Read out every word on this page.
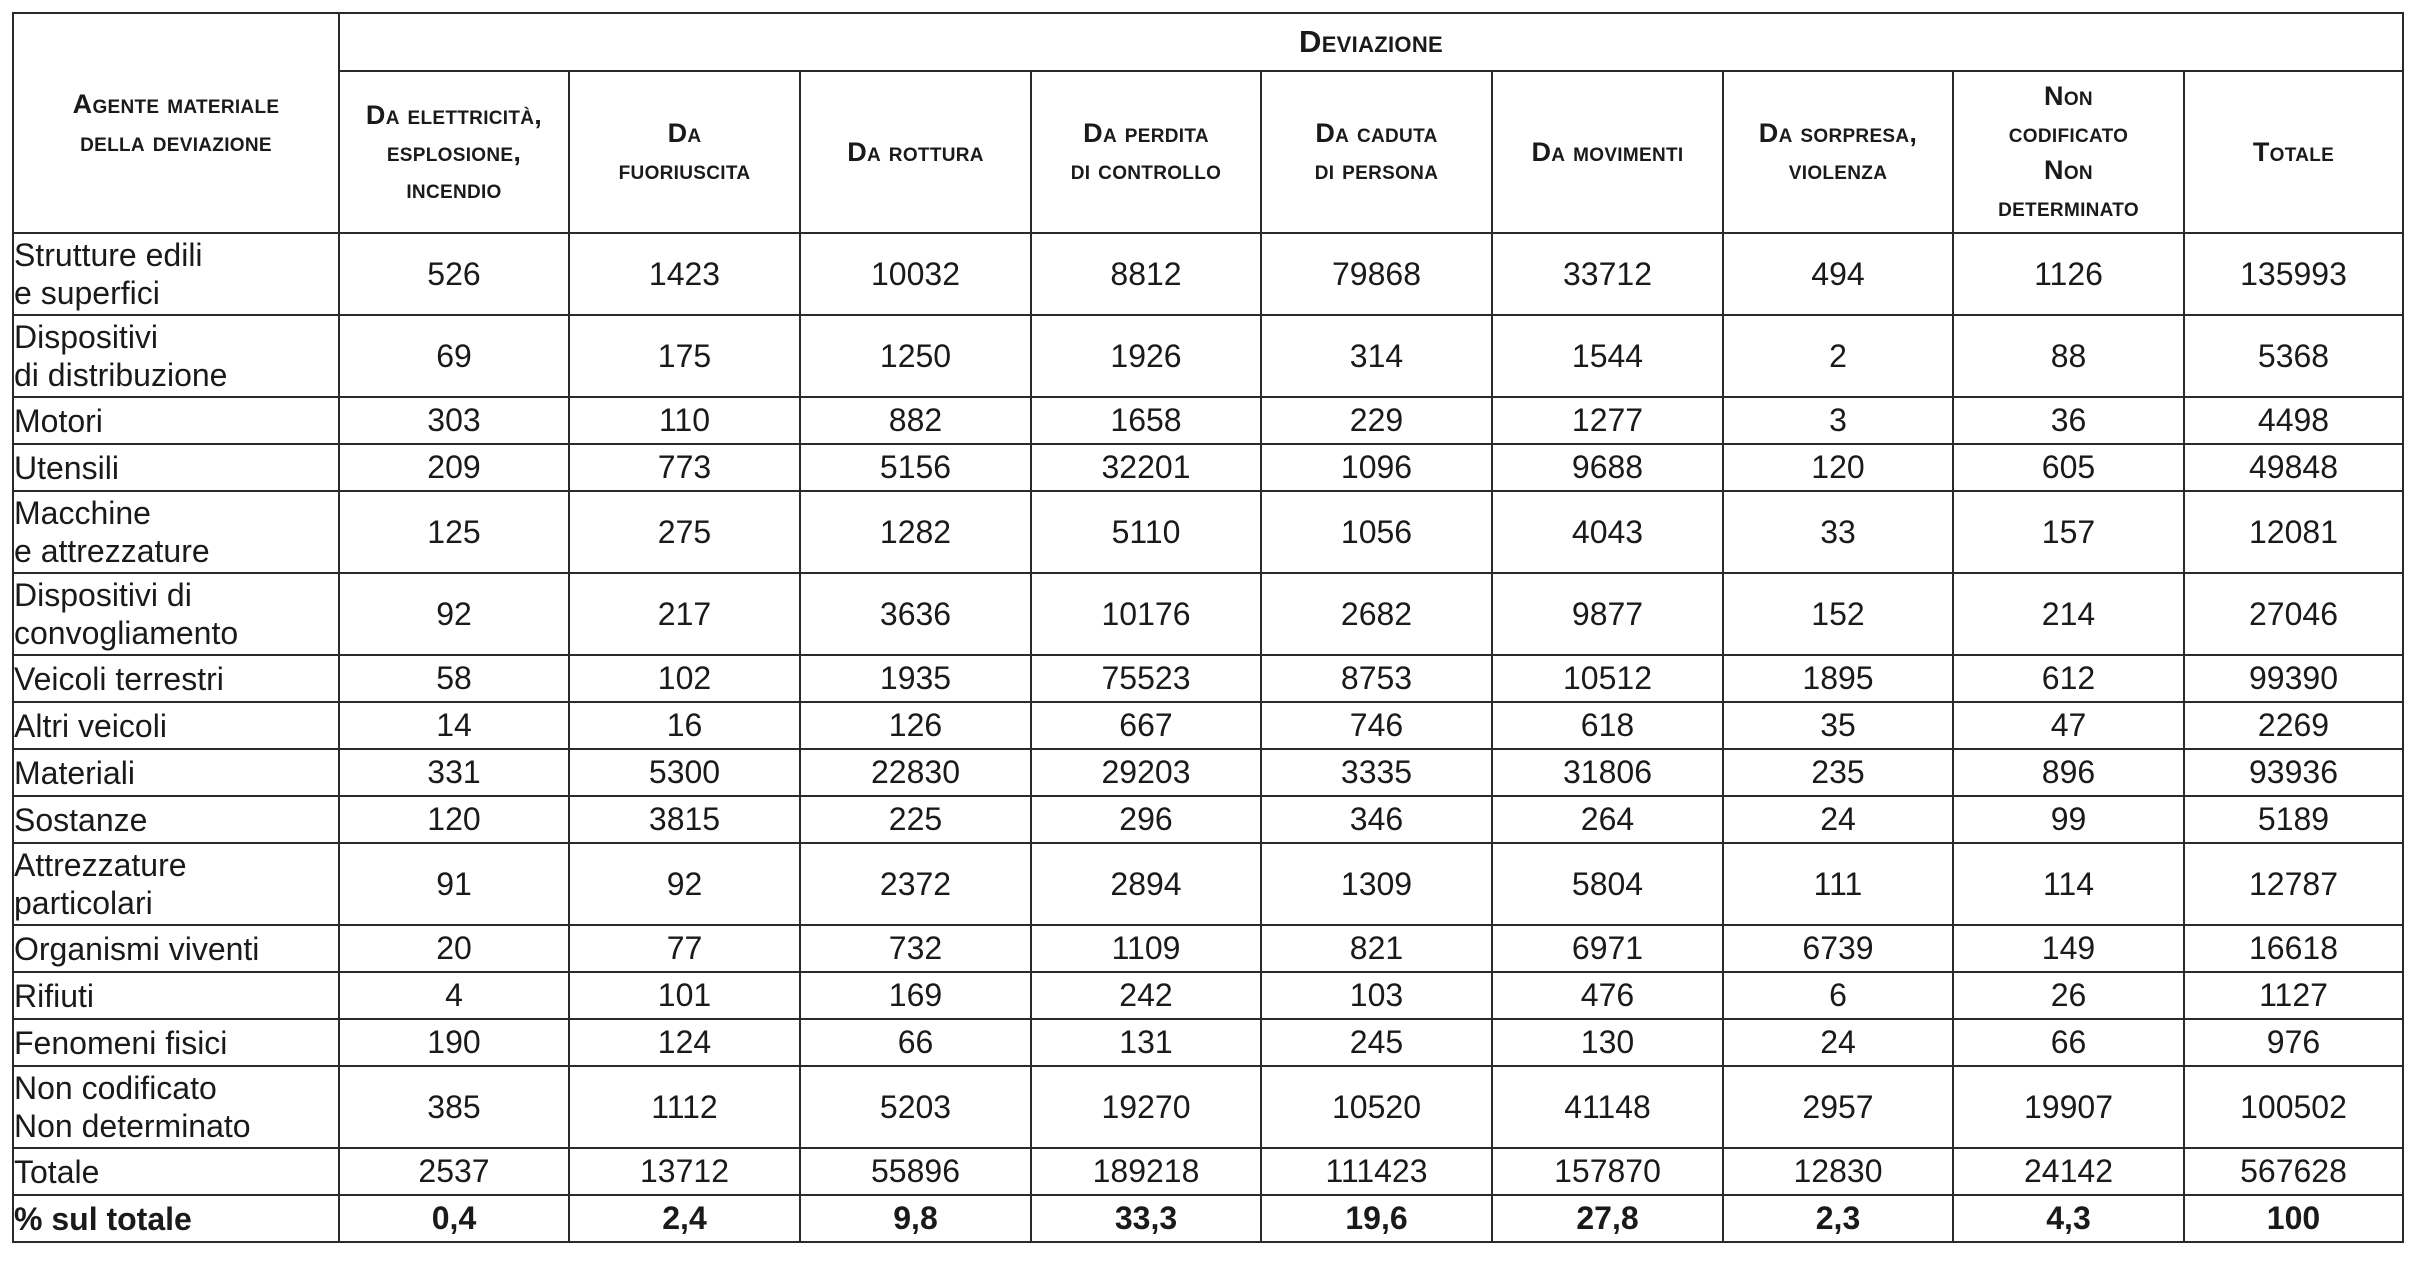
Agente materiale
della deviazione	Deviazione								

	Da elettricità,
esplosione,
incendio	Da
fuoriuscita	Da rottura	Da perdita
di controllo	Da caduta
di persona	Da movimenti	Da sorpresa,
violenza	Non
codificato
Non
determinato	Totale

Strutture edili
e superfici	526	1423	10032	8812	79868	33712	494	1126	135993

Dispositivi
di distribuzione	69	175	1250	1926	314	1544	2	88	5368

Motori	303	110	882	1658	229	1277	3	36	4498

Utensili	209	773	5156	32201	1096	9688	120	605	49848

Macchine
e attrezzature	125	275	1282	5110	1056	4043	33	157	12081

Dispositivi di
convogliamento	92	217	3636	10176	2682	9877	152	214	27046

Veicoli terrestri	58	102	1935	75523	8753	10512	1895	612	99390

Altri veicoli	14	16	126	667	746	618	35	47	2269

Materiali	331	5300	22830	29203	3335	31806	235	896	93936

Sostanze	120	3815	225	296	346	264	24	99	5189

Attrezzature
particolari	91	92	2372	2894	1309	5804	111	114	12787

Organismi viventi	20	77	732	1109	821	6971	6739	149	16618

Rifiuti	4	101	169	242	103	476	6	26	1127

Fenomeni fisici	190	124	66	131	245	130	24	66	976

Non codificato
Non determinato	385	1112	5203	19270	10520	41148	2957	19907	100502

Totale	2537	13712	55896	189218	111423	157870	12830	24142	567628
% sul totale	0,4	2,4	9,8	33,3	19,6	27,8	2,3	4,3	100
